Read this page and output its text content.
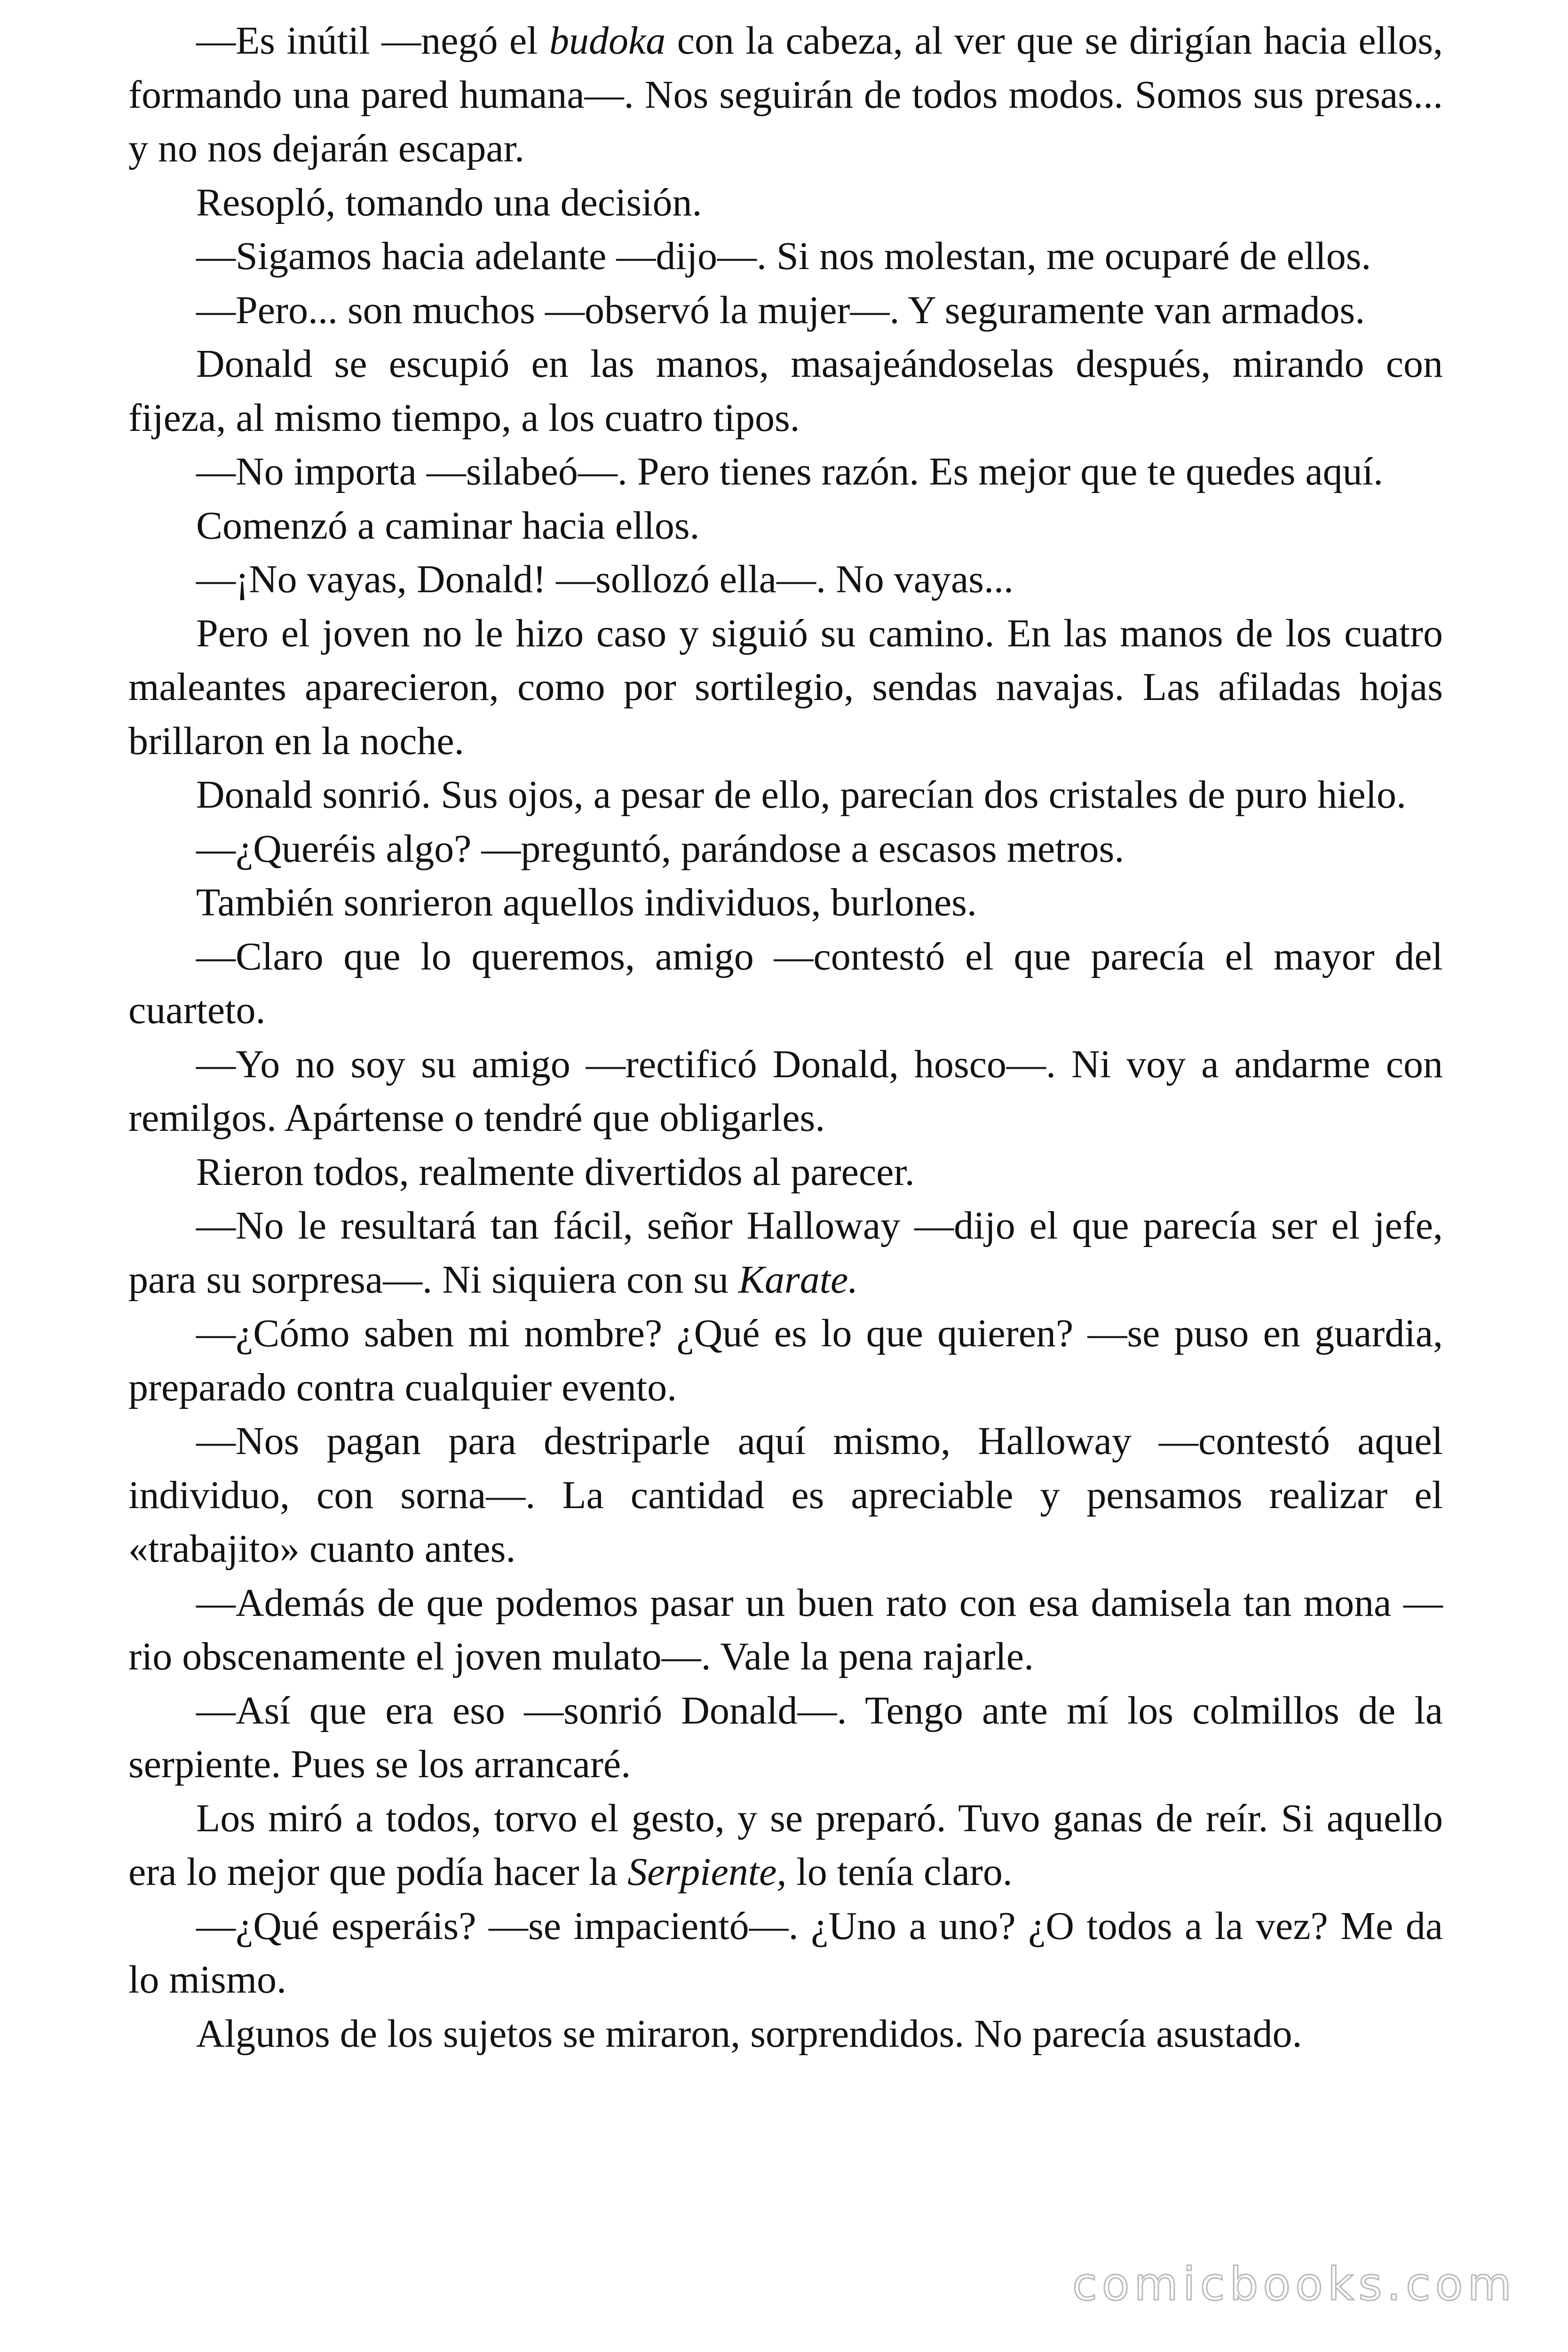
—Es inútil —negó el budoka con la cabeza, al ver que se dirigían hacia ellos, formando una pared humana—. Nos seguirán de todos modos. Somos sus presas... y no nos dejarán escapar.

Resopló, tomando una decisión.

—Sigamos hacia adelante —dijo—. Si nos molestan, me ocuparé de ellos.

—Pero... son muchos —observó la mujer—. Y seguramente van armados.

Donald se escupió en las manos, masajeándoselas después, mirando con fijeza, al mismo tiempo, a los cuatro tipos.

—No importa —silabeó—. Pero tienes razón. Es mejor que te quedes aquí.

Comenzó a caminar hacia ellos.

—¡No vayas, Donald! —sollozó ella—. No vayas...

Pero el joven no le hizo caso y siguió su camino. En las manos de los cuatro maleantes aparecieron, como por sortilegio, sendas navajas. Las afiladas hojas brillaron en la noche.

Donald sonrió. Sus ojos, a pesar de ello, parecían dos cristales de puro hielo.

—¿Queréis algo? —preguntó, parándose a escasos metros.

También sonrieron aquellos individuos, burlones.

—Claro que lo queremos, amigo —contestó el que parecía el mayor del cuarteto.

—Yo no soy su amigo —rectificó Donald, hosco—. Ni voy a andarme con remilgos. Apártense o tendré que obligarles.

Rieron todos, realmente divertidos al parecer.

—No le resultará tan fácil, señor Halloway —dijo el que parecía ser el jefe, para su sorpresa—. Ni siquiera con su Karate.

—¿Cómo saben mi nombre? ¿Qué es lo que quieren? —se puso en guardia, preparado contra cualquier evento.

—Nos pagan para destriparle aquí mismo, Halloway —contestó aquel individuo, con sorna—. La cantidad es apreciable y pensamos realizar el «trabajito» cuanto antes.

—Además de que podemos pasar un buen rato con esa damisela tan mona —rio obscenamente el joven mulato—. Vale la pena rajarle.

—Así que era eso —sonrió Donald—. Tengo ante mí los colmillos de la serpiente. Pues se los arrancaré.

Los miró a todos, torvo el gesto, y se preparó. Tuvo ganas de reír. Si aquello era lo mejor que podía hacer la Serpiente, lo tenía claro.

—¿Qué esperáis? —se impacientó—. ¿Uno a uno? ¿O todos a la vez? Me da lo mismo.

Algunos de los sujetos se miraron, sorprendidos. No parecía asustado.

comicbooks.com
